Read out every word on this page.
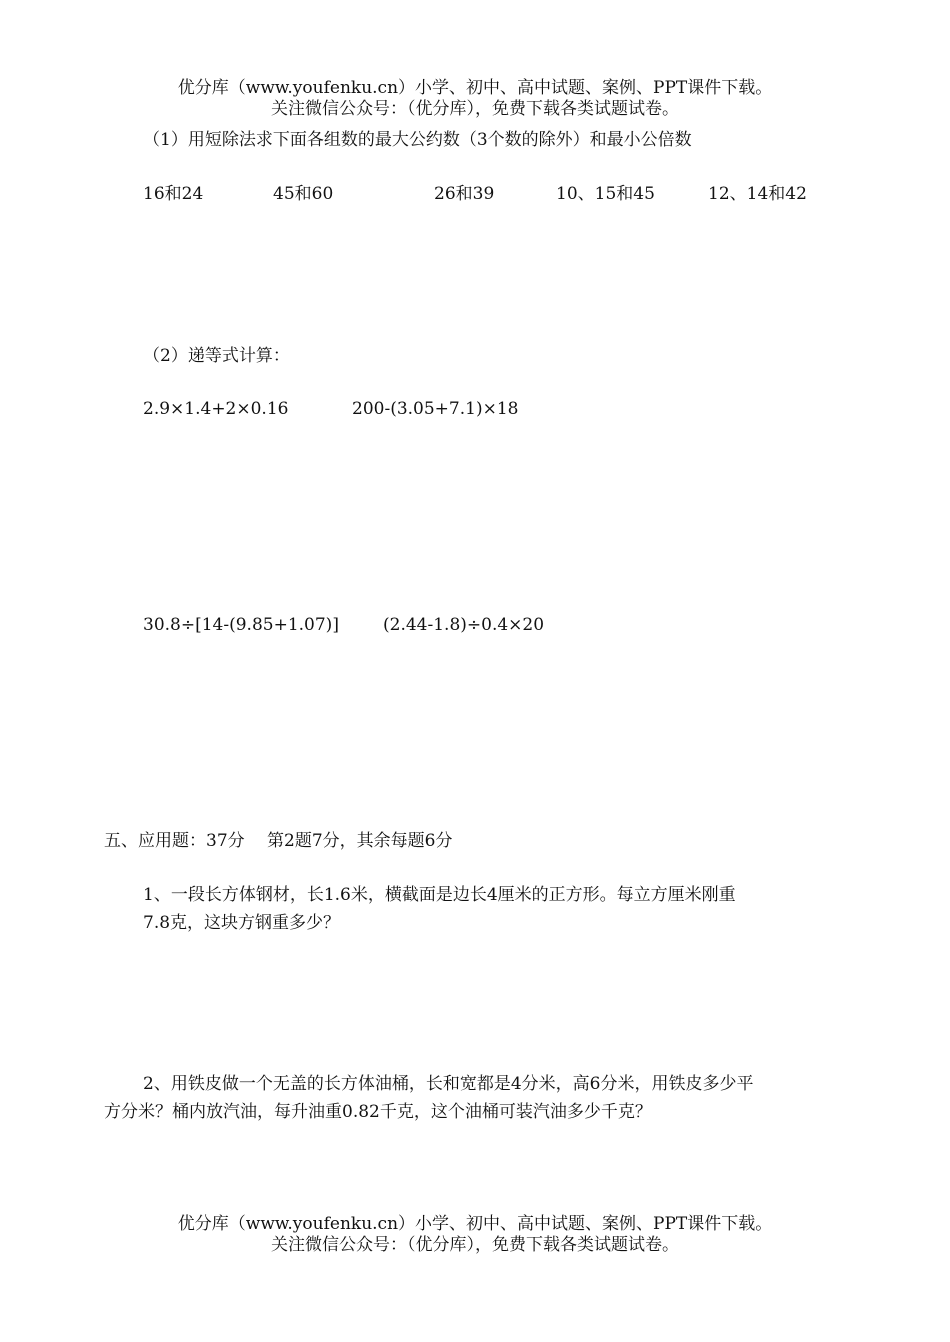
优分库（www.youfenku.cn）小学、初中、高中试题、案例、PPT课件下载。
关注微信公众号：（优分库），免费下载各类试题试卷。
（1）用短除法求下面各组数的最大公约数（3个数的除外）和最小公倍数
16和24	45和60	26和39	10、15和45	12、14和42
（2）递等式计算：
2.9×1.4+2×0.16	200-(3.05+7.1)×18
30.8÷[14-(9.85+1.07)]	(2.44-1.8)÷0.4×20
五、应用题：37分　 第2题7分，其余每题6分
1、一段长方体钢材，长1.6米，横截面是边长4厘米的正方形。每立方厘米刚重
7.8克，这块方钢重多少？
2、用铁皮做一个无盖的长方体油桶，长和宽都是4分米，高6分米，用铁皮多少平
方分米？桶内放汽油，每升油重0.82千克，这个油桶可装汽油多少千克？
优分库（www.youfenku.cn）小学、初中、高中试题、案例、PPT课件下载。
关注微信公众号：（优分库），免费下载各类试题试卷。
